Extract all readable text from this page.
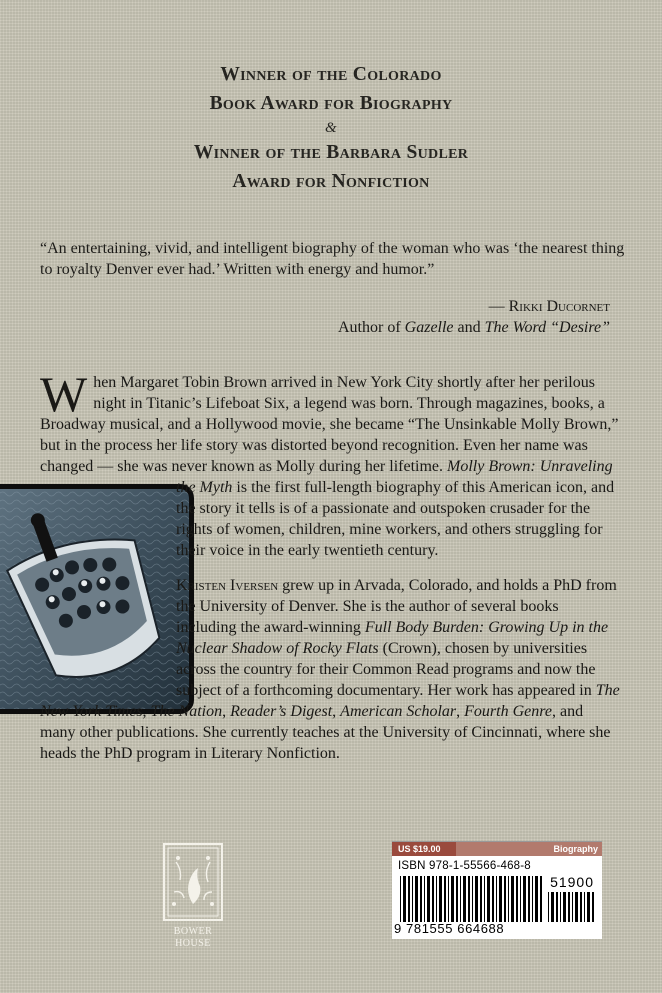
Winner of the Colorado
Book Award for Biography
&
Winner of the Barbara Sudler
Award for Nonfiction
“An entertaining, vivid, and intelligent biography of the woman who was ‘the nearest thing to royalty Denver ever had.’ Written with energy and humor.”
— Rikki Ducornet
Author of Gazelle and The Word “Desire”

When Margaret Tobin Brown arrived in New York City shortly after her perilous night in Titanic’s Lifeboat Six, a legend was born. Through magazines, books, a Broadway musical, and a Hollywood movie, she became “The Unsinkable Molly Brown,” but in the process her life story was distorted beyond recognition. Even her name was changed — she was never known as Molly during her lifetime.
Molly Brown: Unraveling the Myth is the first full-length biography of this American icon, and the story it tells is of a passionate and outspoken crusader for the rights of women, children, mine workers, and others struggling for their voice in the early twentieth century.

Kristen Iversen grew up in Arvada, Colorado, and holds a PhD from the University of Denver. She is the author of several books including the award-winning Full Body Burden: Growing Up in the Nuclear Shadow of Rocky Flats (Crown), chosen by universities across the country for their Common Read programs and now the subject of a forthcoming documentary. Her work has appeared in The New York Times, The Nation, Reader’s Digest, American Scholar, Fourth Genre, and many other publications. She currently teaches at the University of Cincinnati, where she heads the PhD program in Literary Nonfiction.

BOWER
HOUSE
US $19.00	Biography
ISBN 978-1-55566-468-8
51900
9 781555 664688
